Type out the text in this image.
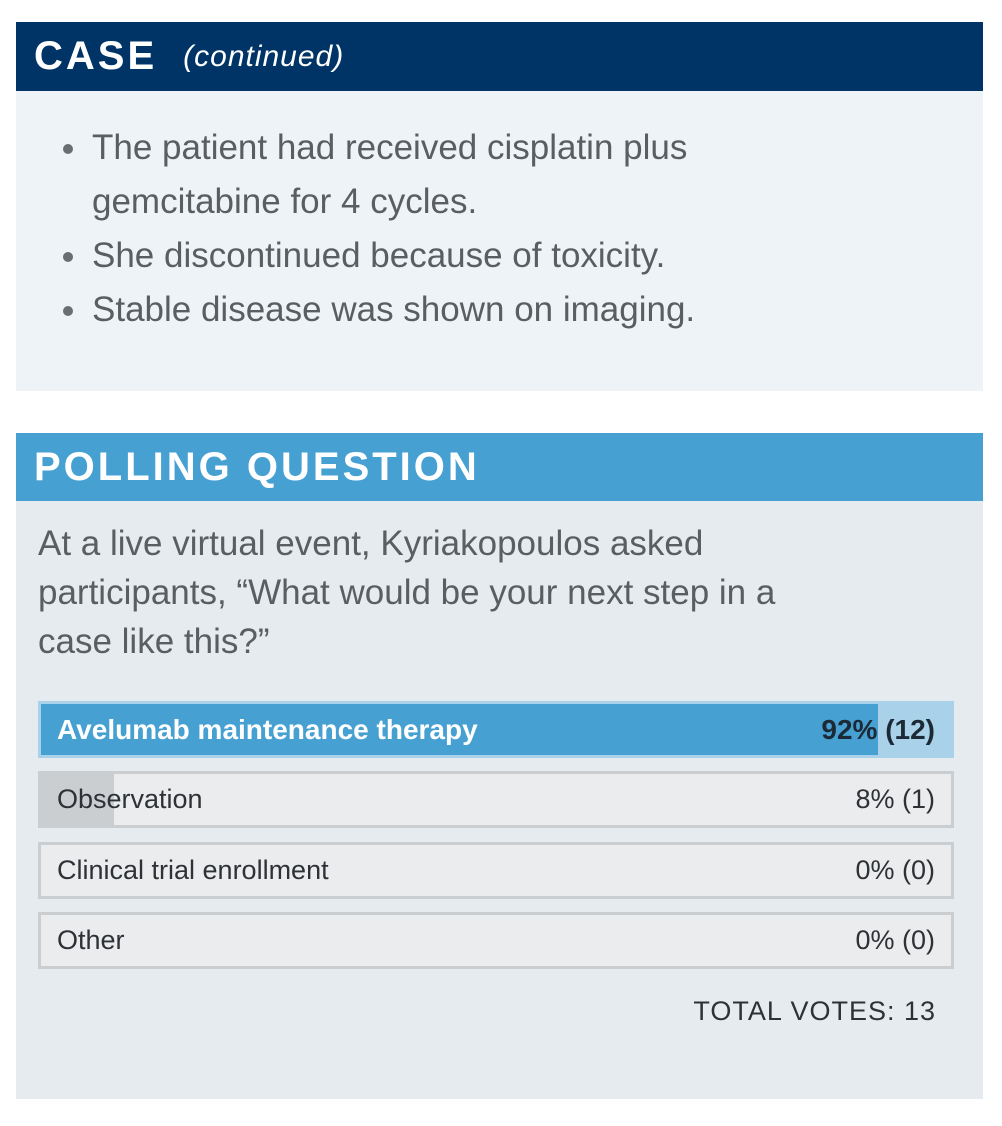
CASE (continued)
The patient had received cisplatin plus gemcitabine for 4 cycles.
She discontinued because of toxicity.
Stable disease was shown on imaging.
POLLING QUESTION

At a live virtual event, Kyriakopoulos asked participants, “What would be your next step in a case like this?”

Avelumab maintenance therapy	92% (12)
Observation	8% (1)
Clinical trial enrollment	0% (0)
Other	0% (0)
TOTAL VOTES: 13
